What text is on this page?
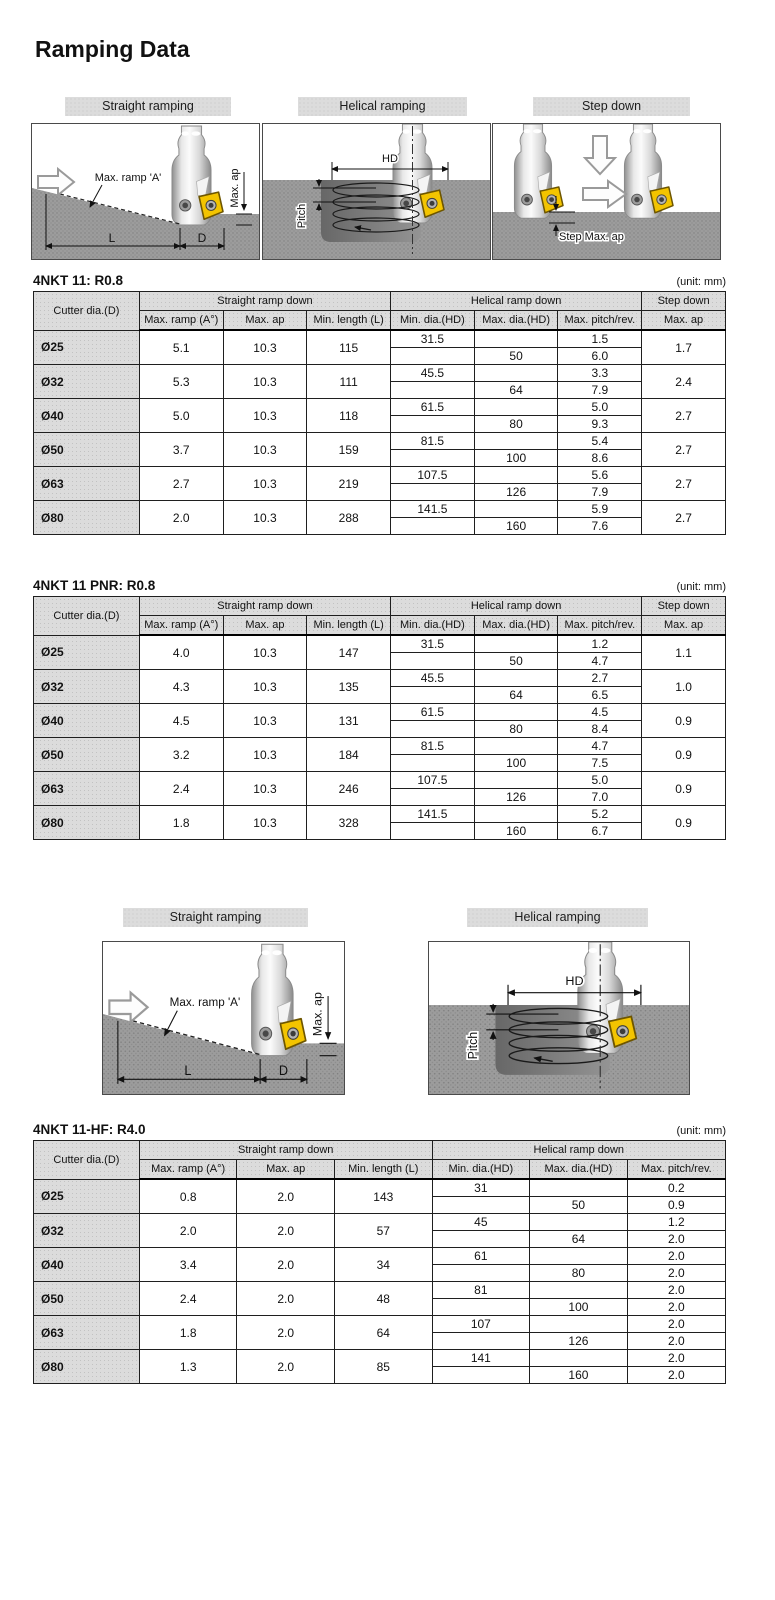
Ramping Data
Straight ramping	Helical ramping	Step down
Max. ramp 'A'	Max. ap
L	D
HD
Pitch
Step Max. ap
4NKT 11: R0.8	(unit: mm)
Cutter dia.(D)	Straight ramp down			Helical ramp down			Step down
	Max. ramp (A°)	Max. ap	Min. length (L)	Min. dia.(HD)	Max. dia.(HD)	Max. pitch/rev.	Max. ap
Ø25	5.1	10.3	115	31.5		1.5	1.7
					50	6.0	
Ø32	5.3	10.3	111	45.5		3.3	2.4
					64	7.9	
Ø40	5.0	10.3	118	61.5		5.0	2.7
					80	9.3	
Ø50	3.7	10.3	159	81.5		5.4	2.7
					100	8.6	
Ø63	2.7	10.3	219	107.5		5.6	2.7
					126	7.9	
Ø80	2.0	10.3	288	141.5		5.9	2.7
					160	7.6	
4NKT 11 PNR: R0.8	(unit: mm)
Cutter dia.(D)	Straight ramp down			Helical ramp down			Step down
	Max. ramp (A°)	Max. ap	Min. length (L)	Min. dia.(HD)	Max. dia.(HD)	Max. pitch/rev.	Max. ap
Ø25	4.0	10.3	147	31.5		1.2	1.1
					50	4.7	
Ø32	4.3	10.3	135	45.5		2.7	1.0
					64	6.5	
Ø40	4.5	10.3	131	61.5		4.5	0.9
					80	8.4	
Ø50	3.2	10.3	184	81.5		4.7	0.9
					100	7.5	
Ø63	2.4	10.3	246	107.5		5.0	0.9
					126	7.0	
Ø80	1.8	10.3	328	141.5		5.2	0.9
					160	6.7	
Straight ramping	Helical ramping
Max. ramp 'A'	Max. ap
L	D
HD
Pitch
4NKT 11-HF: R4.0	(unit: mm)
Cutter dia.(D)	Straight ramp down			Helical ramp down		
	Max. ramp (A°)	Max. ap	Min. length (L)	Min. dia.(HD)	Max. dia.(HD)	Max. pitch/rev.
Ø25	0.8	2.0	143	31		0.2
					50	0.9
Ø32	2.0	2.0	57	45		1.2
					64	2.0
Ø40	3.4	2.0	34	61		2.0
					80	2.0
Ø50	2.4	2.0	48	81		2.0
					100	2.0
Ø63	1.8	2.0	64	107		2.0
					126	2.0
Ø80	1.3	2.0	85	141		2.0
					160	2.0
